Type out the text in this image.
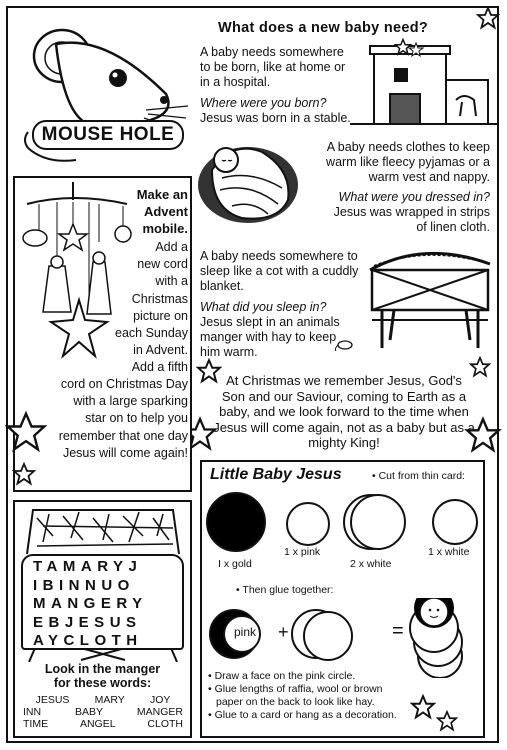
What does a new baby need?
MOUSE HOLE
A baby needs somewhere to be born, like at home or in a hospital.
Where were you born?
Jesus was born in a stable.
A baby needs clothes to keep warm like fleecy pyjamas or a warm vest and nappy.
What were you dressed in?
Jesus was wrapped in strips of linen cloth.
A baby needs somewhere to sleep like a cot with a cuddly blanket.
What did you sleep in?
Jesus slept in an animals manger with hay to keep him warm.
At Christmas we remember Jesus, God's Son and our Saviour, coming to Earth as a baby, and we look forward to the time when Jesus will come again, not as a baby but as a mighty King!
Make an
Advent
mobile.
Add a
new cord
with a
Christmas
picture on
each Sunday
in Advent.
Add a fifth
cord on Christmas Day
with a large sparking
star on to help you
remember that one day
Jesus will come again!
TAMARYJ
IBINNUO
MANGERY
EBJESUS
AYCLOTH
Look in the manger
for these words:
JESUS MARY JOY
INN	BABY	MANGER
TIME	ANGEL	CLOTH
Little Baby Jesus	• Cut from thin card:
I x gold
1 x pink
2 x white
1 x white
• Then glue together:
pink +	=
• Draw a face on the pink circle.
• Glue lengths of raffia, wool or brown
paper on the back to look like hay.
• Glue to a card or hang as a decoration.
